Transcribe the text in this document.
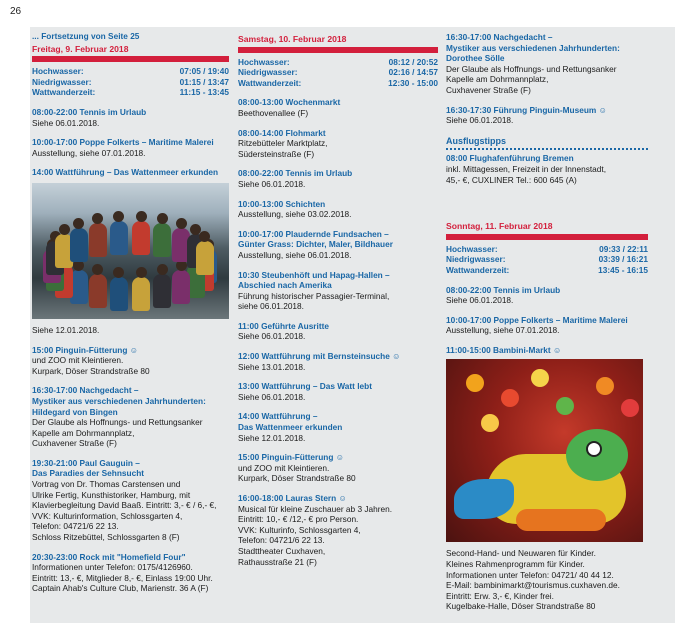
26
... Fortsetzung von Seite 25
Freitag, 9. Februar 2018
Hochwasser:	07:05 / 19:40
Niedrigwasser:	01:15 / 13:47
Wattwanderzeit:	11:15 - 13:45
08:00-22:00 Tennis im Urlaub
Siehe 06.01.2018.
10:00-17:00 Poppe Folkerts – Maritime Malerei
Ausstellung, siehe 07.01.2018.
14:00 Wattführung – Das Wattenmeer erkunden
Siehe 12.01.2018.
15:00 Pinguin-Fütterung ☺
und ZOO mit Kleintieren.
Kurpark, Döser Strandstraße 80
16:30-17:00 Nachgedacht –
Mystiker aus verschiedenen Jahrhunderten:
Hildegard von Bingen
Der Glaube als Hoffnungs- und Rettungsanker
Kapelle am Dohrmannplatz,
Cuxhavener Straße (F)
19:30-21:00 Paul Gauguin –
Das Paradies der Sehnsucht
Vortrag von Dr. Thomas Carstensen und
Ulrike Fertig, Kunsthistoriker, Hamburg, mit
Klavierbegleitung David Baaß. Eintritt: 3,- € / 6,- €,
VVK: Kulturinformation, Schlossgarten 4,
Telefon: 04721/6 22 13.
Schloss Ritzebüttel, Schlossgarten 8 (F)
20:30-23:00 Rock mit "Homefield Four"
Informationen unter Telefon: 0175/4126960.
Eintritt: 13,- €, Mitglieder 8,- €, Einlass 19:00 Uhr.
Captain Ahab's Culture Club, Marienstr. 36 A (F)
Samstag, 10. Februar 2018
Hochwasser:	08:12 / 20:52
Niedrigwasser:	02:16 / 14:57
Wattwanderzeit:	12:30 - 15:00
08:00-13:00 Wochenmarkt
Beethovenallee (F)
08:00-14:00 Flohmarkt
Ritzebütteler Marktplatz,
Südersteinstraße (F)
08:00-22:00 Tennis im Urlaub
Siehe 06.01.2018.
10:00-13:00 Schichten
Ausstellung, siehe 03.02.2018.
10:00-17:00 Plaudernde Fundsachen –
Günter Grass: Dichter, Maler, Bildhauer
Ausstellung, siehe 06.01.2018.
10:30 Steubenhöft und Hapag-Hallen –
Abschied nach Amerika
Führung historischer Passagier-Terminal,
siehe 06.01.2018.
11:00 Geführte Ausritte
Siehe 06.01.2018.
12:00 Wattführung mit Bernsteinsuche ☺
Siehe 13.01.2018.
13:00 Wattführung – Das Watt lebt
Siehe 06.01.2018.
14:00 Wattführung –
Das Wattenmeer erkunden
Siehe 12.01.2018.
15:00 Pinguin-Fütterung ☺
und ZOO mit Kleintieren.
Kurpark, Döser Strandstraße 80
16:00-18:00 Lauras Stern ☺
Musical für kleine Zuschauer ab 3 Jahren.
Eintritt: 10,- € /12,- € pro Person.
VVK: Kulturinfo, Schlossgarten 4,
Telefon: 04721/6 22 13.
Stadttheater Cuxhaven,
Rathausstraße 21 (F)
16:30-17:00 Nachgedacht –
Mystiker aus verschiedenen Jahrhunderten:
Dorothee Sölle
Der Glaube als Hoffnungs- und Rettungsanker
Kapelle am Dohrmannplatz,
Cuxhavener Straße (F)
16:30-17:30 Führung Pinguin-Museum ☺
Siehe 06.01.2018.
Ausflugstipps
08:00 Flughafenführung Bremen
inkl. Mittagessen, Freizeit in der Innenstadt,
45,- €, CUXLINER Tel.: 600 645 (A)
Sonntag, 11. Februar 2018
Hochwasser:	09:33 / 22:11
Niedrigwasser:	03:39 / 16:21
Wattwanderzeit:	13:45 - 16:15
08:00-22:00 Tennis im Urlaub
Siehe 06.01.2018.
10:00-17:00 Poppe Folkerts – Maritime Malerei
Ausstellung, siehe 07.01.2018.
11:00-15:00 Bambini-Markt ☺
Second-Hand- und Neuwaren für Kinder.
Kleines Rahmenprogramm für Kinder.
Informationen unter Telefon: 04721/ 40 44 12.
E-Mail: bambinimarkt@tourismus.cuxhaven.de.
Eintritt: Erw. 3,- €, Kinder frei.
Kugelbake-Halle, Döser Strandstraße 80
